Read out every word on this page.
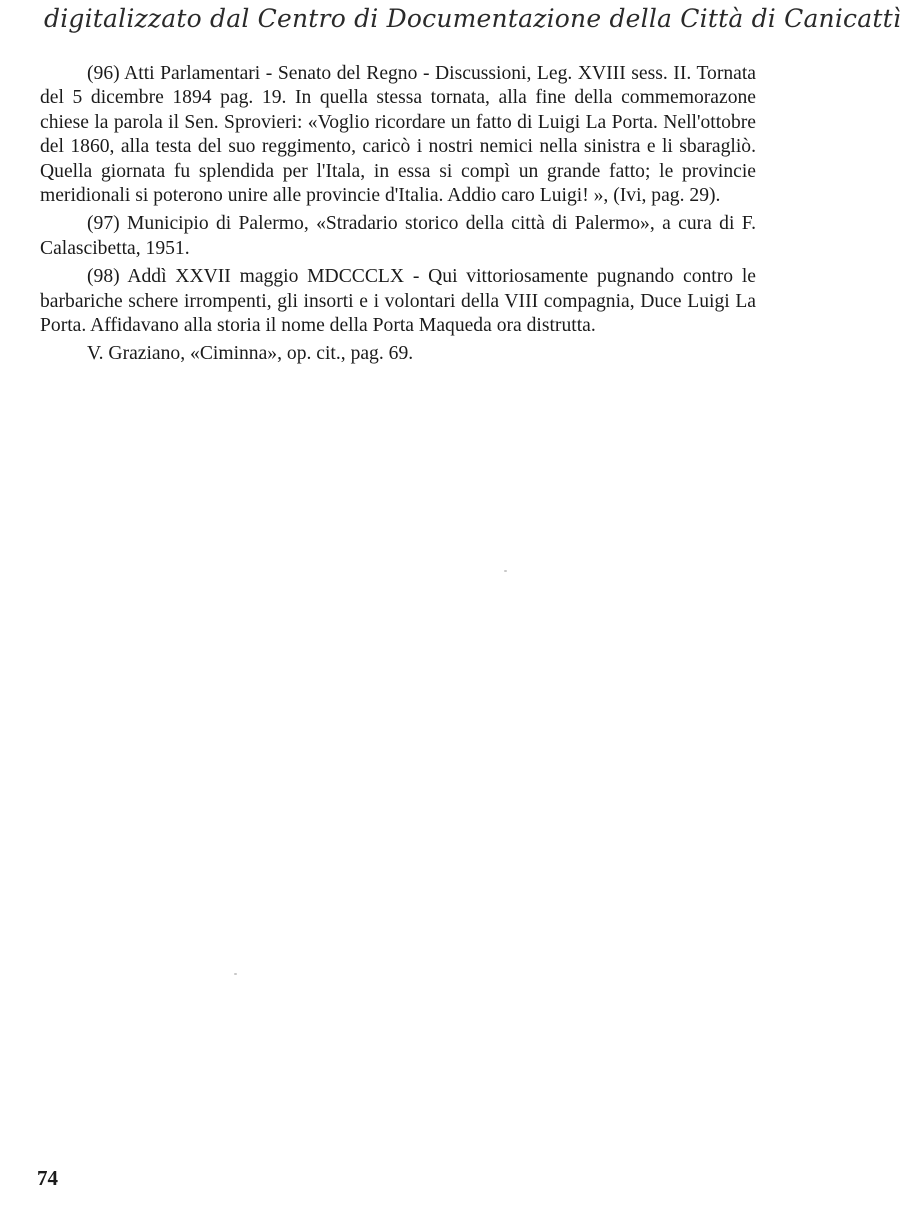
digitalizzato dal Centro di Documentazione della Città di Canicattì

(96) Atti Parlamentari - Senato del Regno - Discussioni, Leg. XVIII sess. II. Tornata del 5 dicembre 1894 pag. 19. In quella stessa tornata, alla fine della commemorazone chiese la parola il Sen. Sprovieri: «Voglio ricordare un fatto di Luigi La Porta. Nell'ottobre del 1860, alla testa del suo reggimento, caricò i nostri nemici nella sinistra e li sbaragliò. Quella giornata fu splendida per l'Itala, in essa si compì un grande fatto; le provincie meridionali si poterono unire alle provincie d'Italia. Addio caro Luigi! », (Ivi, pag. 29).

(97) Municipio di Palermo, «Stradario storico della città di Palermo», a cura di F. Calascibetta, 1951.

(98) Addì XXVII maggio MDCCCLX - Qui vittoriosamente pugnando contro le barbariche schere irrompenti, gli insorti e i volontari della VIII compagnia, Duce Luigi La Porta. Affidavano alla storia il nome della Porta Maqueda ora distrutta.

V. Graziano, «Ciminna», op. cit., pag. 69.

74
